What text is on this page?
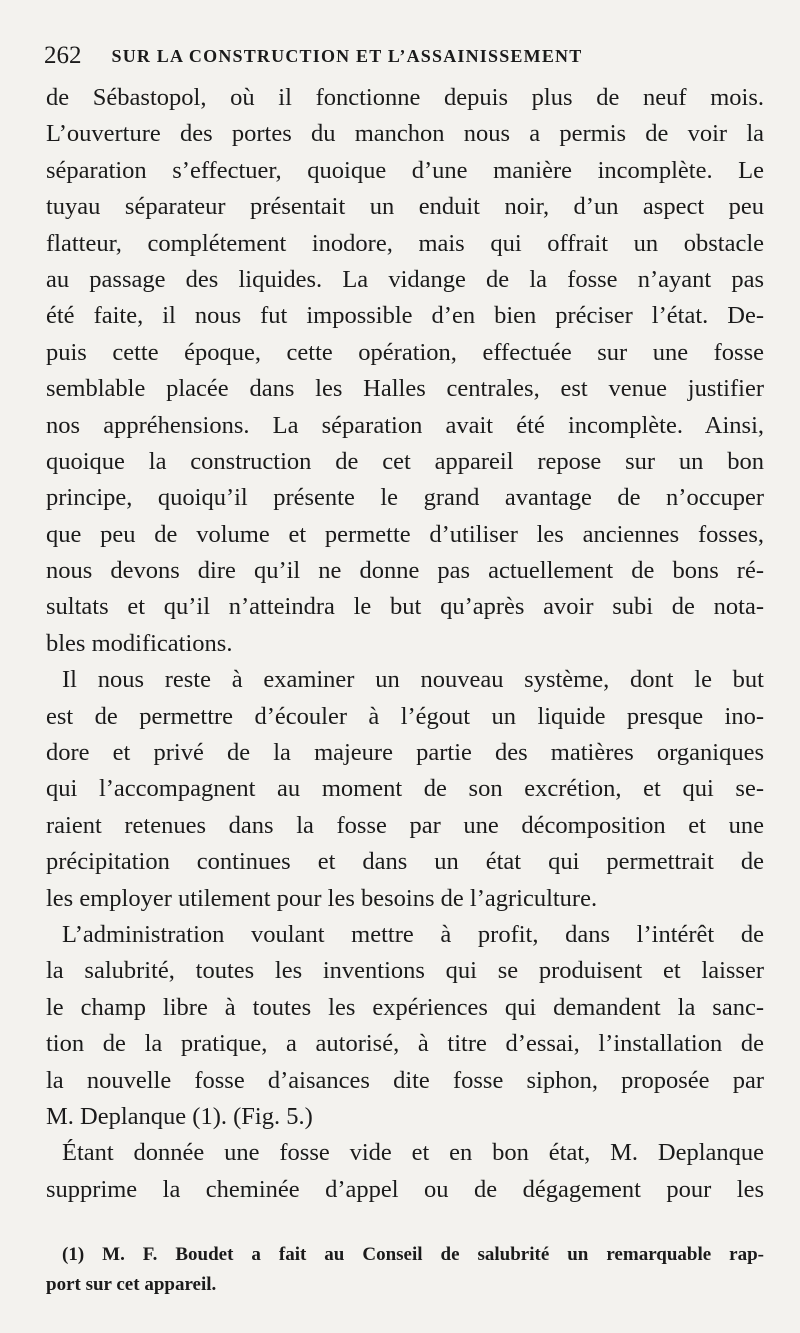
262 SUR LA CONSTRUCTION ET L’ASSAINISSEMENT
de Sébastopol, où il fonctionne depuis plus de neuf mois.
L’ouverture des portes du manchon nous a permis de voir la
séparation s’effectuer, quoique d’une manière incomplète. Le
tuyau séparateur présentait un enduit noir, d’un aspect peu
flatteur, complétement inodore, mais qui offrait un obstacle
au passage des liquides. La vidange de la fosse n’ayant pas
été faite, il nous fut impossible d’en bien préciser l’état. De-
puis cette époque, cette opération, effectuée sur une fosse
semblable placée dans les Halles centrales, est venue justifier
nos appréhensions. La séparation avait été incomplète. Ainsi,
quoique la construction de cet appareil repose sur un bon
principe, quoiqu’il présente le grand avantage de n’occuper
que peu de volume et permette d’utiliser les anciennes fosses,
nous devons dire qu’il ne donne pas actuellement de bons ré-
sultats et qu’il n’atteindra le but qu’après avoir subi de nota-
bles modifications.
Il nous reste à examiner un nouveau système, dont le but
est de permettre d’écouler à l’égout un liquide presque ino-
dore et privé de la majeure partie des matières organiques
qui l’accompagnent au moment de son excrétion, et qui se-
raient retenues dans la fosse par une décomposition et une
précipitation continues et dans un état qui permettrait de
les employer utilement pour les besoins de l’agriculture.
L’administration voulant mettre à profit, dans l’intérêt de
la salubrité, toutes les inventions qui se produisent et laisser
le champ libre à toutes les expériences qui demandent la sanc-
tion de la pratique, a autorisé, à titre d’essai, l’installation de
la nouvelle fosse d’aisances dite fosse siphon, proposée par
M. Deplanque (1). (Fig. 5.)
Étant donnée une fosse vide et en bon état, M. Deplanque
supprime la cheminée d’appel ou de dégagement pour les
(1) M. F. Boudet a fait au Conseil de salubrité un remarquable rap-
port sur cet appareil.
